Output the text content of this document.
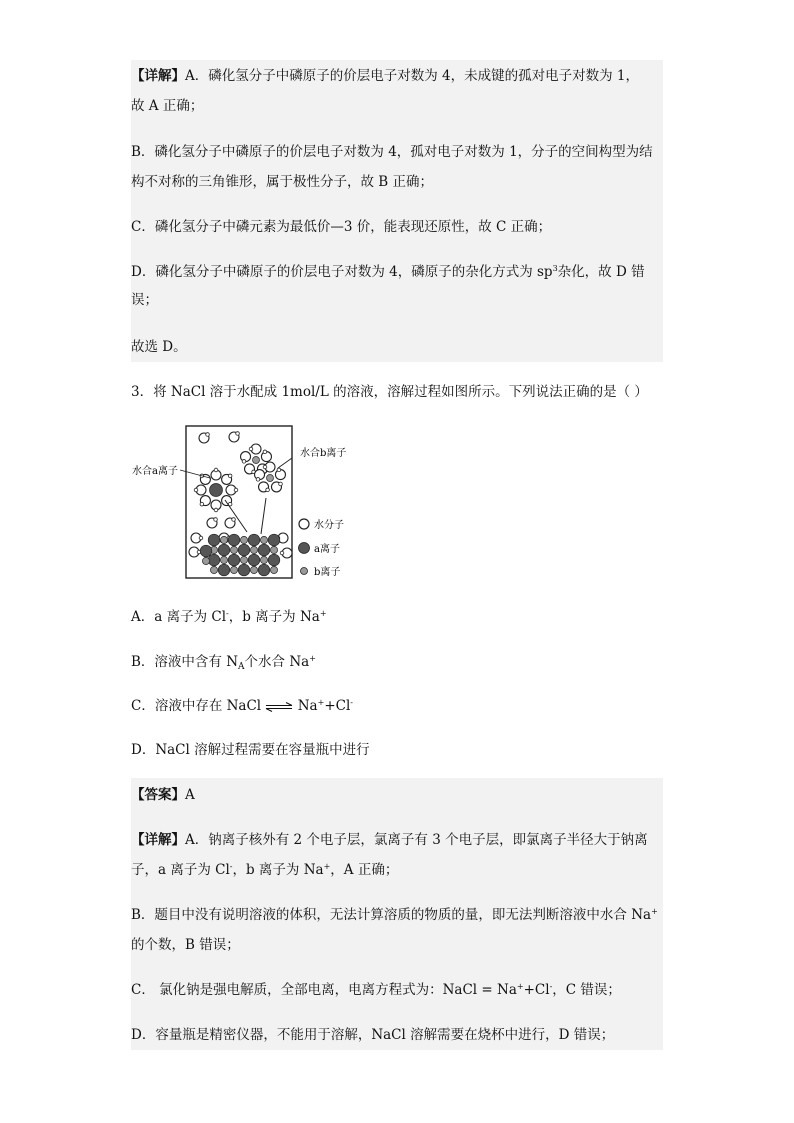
【详解】A．磷化氢分子中磷原子的价层电子对数为 4，未成键的孤对电子对数为 1，

故 A 正确；

B．磷化氢分子中磷原子的价层电子对数为 4，孤对电子对数为 1，分子的空间构型为结

构不对称的三角锥形，属于极性分子，故 B 正确；

C．磷化氢分子中磷元素为最低价—3 价，能表现还原性，故 C 正确；

D．磷化氢分子中磷原子的价层电子对数为 4，磷原子的杂化方式为 $sp^3$杂化，故 D 错

误；

故选 D。

3．将 NaCl 溶于水配成 1mol/L 的溶液，溶解过程如图所示。下列说法正确的是（ ）

水合a离子
水合b离子
水分子
a离子
b离子

A．a 离子为 Cl-，b 离子为 Na+

B．溶液中含有 $N_A$个水合 Na+

C．溶液中存在 NaCl ⇌ Na++Cl-

D．NaCl 溶解过程需要在容量瓶中进行

【答案】A

【详解】A．钠离子核外有 2 个电子层，氯离子有 3 个电子层，即氯离子半径大于钠离

子，a 离子为 Cl-，b 离子为 Na+，A 正确；

B．题目中没有说明溶液的体积，无法计算溶质的物质的量，即无法判断溶液中水合 Na+

的个数，B 错误；

C． 氯化钠是强电解质，全部电离，电离方程式为：NaCl = Na++Cl-，C 错误；

D．容量瓶是精密仪器，不能用于溶解，NaCl 溶解需要在烧杯中进行，D 错误；
